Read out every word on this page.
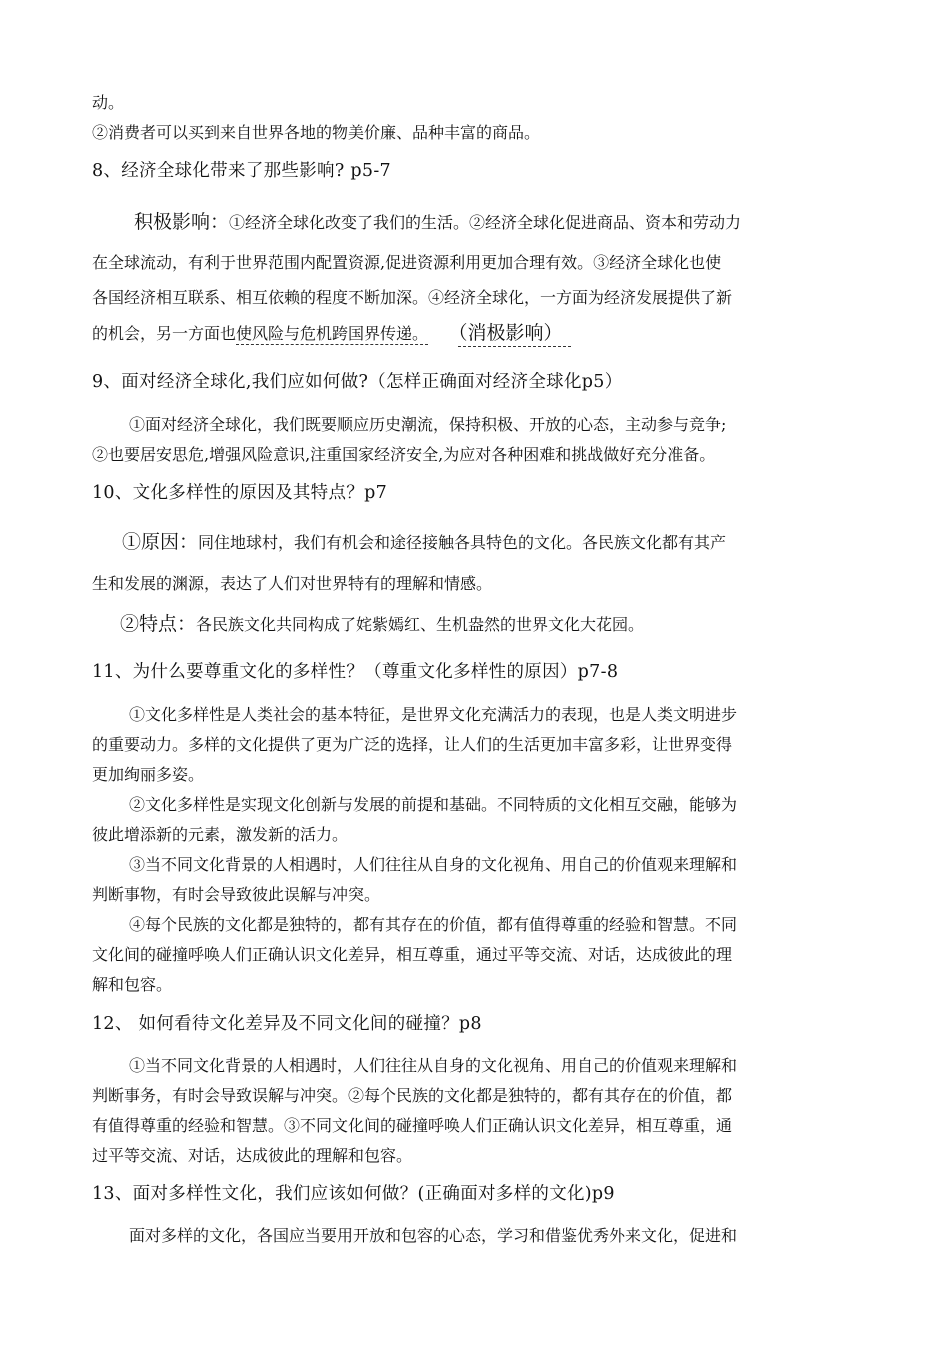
动。
②消费者可以买到来自世界各地的物美价廉、品种丰富的商品。
8、经济全球化带来了那些影响? p5-7
积极影响：①经济全球化改变了我们的生活。②经济全球化促进商品、资本和劳动力
在全球流动，有利于世界范围内配置资源,促进资源利用更加合理有效。③经济全球化也使
各国经济相互联系、相互依赖的程度不断加深。④经济全球化，一方面为经济发展提供了新
的机会，另一方面也使风险与危机跨国界传递。 （消极影响）
9、面对经济全球化,我们应如何做?（怎样正确面对经济全球化p5）
①面对经济全球化，我们既要顺应历史潮流，保持积极、开放的心态，主动参与竞争;
②也要居安思危,增强风险意识,注重国家经济安全,为应对各种困难和挑战做好充分准备。
10、文化多样性的原因及其特点？p7
①原因：同住地球村，我们有机会和途径接触各具特色的文化。各民族文化都有其产
生和发展的渊源，表达了人们对世界特有的理解和情感。
②特点：各民族文化共同构成了姹紫嫣红、生机盎然的世界文化大花园。
11、为什么要尊重文化的多样性？（尊重文化多样性的原因）p7-8
①文化多样性是人类社会的基本特征，是世界文化充满活力的表现，也是人类文明进步
的重要动力。多样的文化提供了更为广泛的选择，让人们的生活更加丰富多彩，让世界变得
更加绚丽多姿。
②文化多样性是实现文化创新与发展的前提和基础。不同特质的文化相互交融，能够为
彼此增添新的元素，激发新的活力。
③当不同文化背景的人相遇时，人们往往从自身的文化视角、用自己的价值观来理解和
判断事物，有时会导致彼此误解与冲突。
④每个民族的文化都是独特的，都有其存在的价值，都有值得尊重的经验和智慧。不同
文化间的碰撞呼唤人们正确认识文化差异，相互尊重，通过平等交流、对话，达成彼此的理
解和包容。
12、 如何看待文化差异及不同文化间的碰撞？p8
①当不同文化背景的人相遇时，人们往往从自身的文化视角、用自己的价值观来理解和
判断事务，有时会导致误解与冲突。②每个民族的文化都是独特的，都有其存在的价值，都
有值得尊重的经验和智慧。③不同文化间的碰撞呼唤人们正确认识文化差异，相互尊重，通
过平等交流、对话，达成彼此的理解和包容。
13、面对多样性文化，我们应该如何做？(正确面对多样的文化)p9
面对多样的文化，各国应当要用开放和包容的心态，学习和借鉴优秀外来文化，促进和
